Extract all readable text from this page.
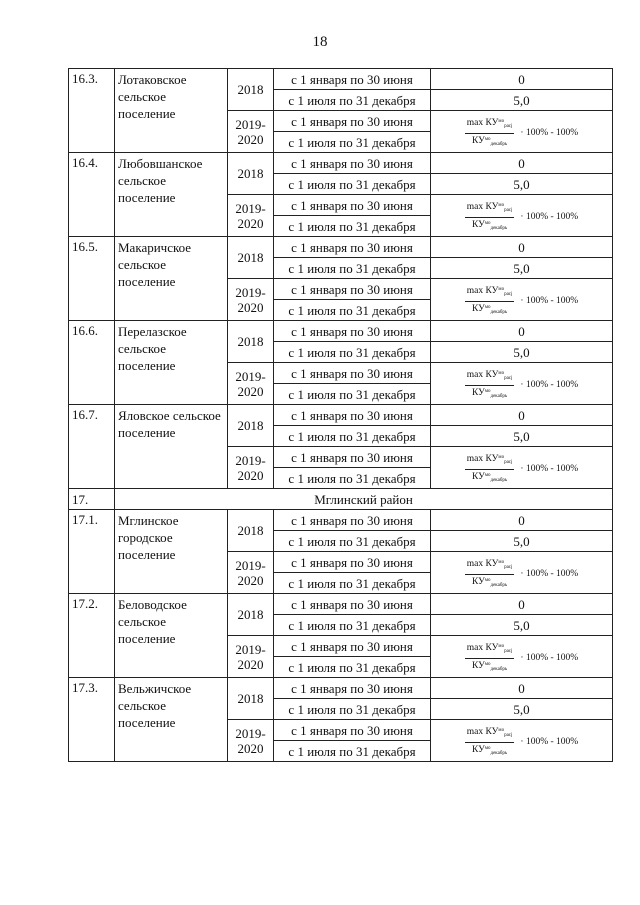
18
16.3.	Лотаковское сельское поселение	2018	с 1 января по 30 июня	0
			с 1 июля по 31 декабря	5,0
		2019-2020	с 1 января по 30 июня	$\frac{\max КУ^{мо}_{расj}}{КУ^{мо}_{декабрь}} \cdot 100\% - 100\%$

			с 1 июля по 31 декабря	
16.4.	Любовшанское сельское поселение	2018	с 1 января по 30 июня	0
			с 1 июля по 31 декабря	5,0
		2019-2020	с 1 января по 30 июня	$\frac{\max КУ^{мо}_{расj}}{КУ^{мо}_{декабрь}} \cdot 100\% - 100\%$

			с 1 июля по 31 декабря	
16.5.	Макаричское сельское поселение	2018	с 1 января по 30 июня	0
			с 1 июля по 31 декабря	5,0
		2019-2020	с 1 января по 30 июня	$\frac{\max КУ^{мо}_{расj}}{КУ^{мо}_{декабрь}} \cdot 100\% - 100\%$

			с 1 июля по 31 декабря	
16.6.	Перелазское сельское поселение	2018	с 1 января по 30 июня	0
			с 1 июля по 31 декабря	5,0
		2019-2020	с 1 января по 30 июня	$\frac{\max КУ^{мо}_{расj}}{КУ^{мо}_{декабрь}} \cdot 100\% - 100\%$

			с 1 июля по 31 декабря	
16.7.	Яловское сельское поселение	2018	с 1 января по 30 июня	0
			с 1 июля по 31 декабря	5,0
		2019-2020	с 1 января по 30 июня	$\frac{\max КУ^{мо}_{расj}}{КУ^{мо}_{декабрь}} \cdot 100\% - 100\%$

			с 1 июля по 31 декабря	
17.	Мглинский район			
17.1.	Мглинское городское поселение	2018	с 1 января по 30 июня	0
			с 1 июля по 31 декабря	5,0
		2019-2020	с 1 января по 30 июня	$\frac{\max КУ^{мо}_{расj}}{КУ^{мо}_{декабрь}} \cdot 100\% - 100\%$

			с 1 июля по 31 декабря	
17.2.	Беловодское сельское поселение	2018	с 1 января по 30 июня	0
			с 1 июля по 31 декабря	5,0
		2019-2020	с 1 января по 30 июня	$\frac{\max КУ^{мо}_{расj}}{КУ^{мо}_{декабрь}} \cdot 100\% - 100\%$

			с 1 июля по 31 декабря	
17.3.	Вельжичское сельское поселение	2018	с 1 января по 30 июня	0
			с 1 июля по 31 декабря	5,0
		2019-2020	с 1 января по 30 июня	$\frac{\max КУ^{мо}_{расj}}{КУ^{мо}_{декабрь}} \cdot 100\% - 100\%$

			с 1 июля по 31 декабря	
